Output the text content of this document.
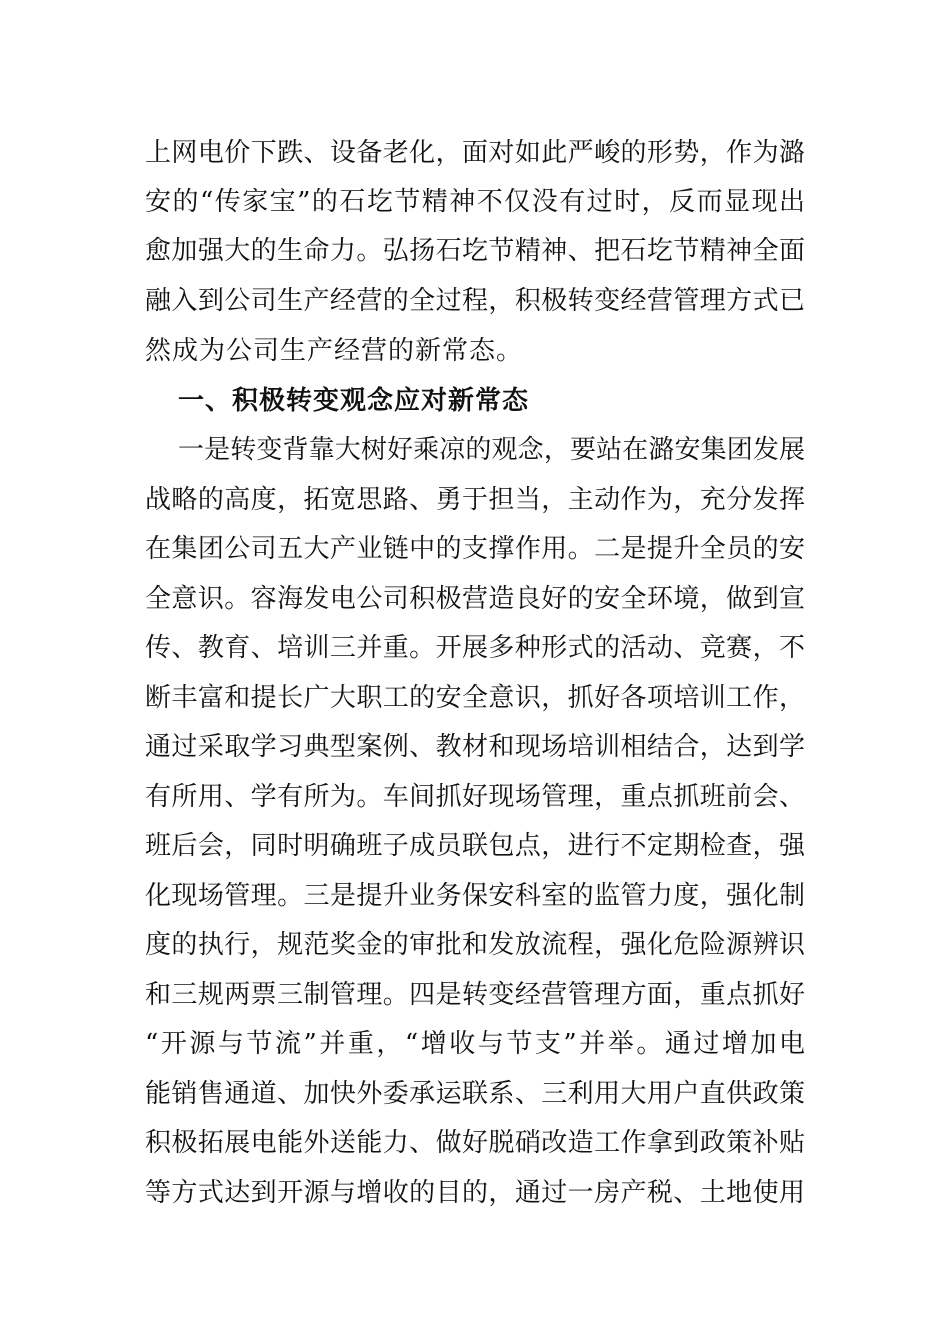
上网电价下跌、设备老化，面对如此严峻的形势，作为潞
安的“传家宝”的石圪节精神不仅没有过时，反而显现出
愈加强大的生命力。弘扬石圪节精神、把石圪节精神全面
融入到公司生产经营的全过程，积极转变经营管理方式已
然成为公司生产经营的新常态。
一、积极转变观念应对新常态
一是转变背靠大树好乘凉的观念，要站在潞安集团发展
战略的高度，拓宽思路、勇于担当，主动作为，充分发挥
在集团公司五大产业链中的支撑作用。二是提升全员的安
全意识。容海发电公司积极营造良好的安全环境，做到宣
传、教育、培训三并重。开展多种形式的活动、竞赛，不
断丰富和提长广大职工的安全意识，抓好各项培训工作，
通过采取学习典型案例、教材和现场培训相结合，达到学
有所用、学有所为。车间抓好现场管理，重点抓班前会、
班后会，同时明确班子成员联包点，进行不定期检查，强
化现场管理。三是提升业务保安科室的监管力度，强化制
度的执行，规范奖金的审批和发放流程，强化危险源辨识
和三规两票三制管理。四是转变经营管理方面，重点抓好
“开源与节流”并重，“增收与节支”并举。通过增加电
能销售通道、加快外委承运联系、三利用大用户直供政策
积极拓展电能外送能力、做好脱硝改造工作拿到政策补贴
等方式达到开源与增收的目的，通过一房产税、土地使用
